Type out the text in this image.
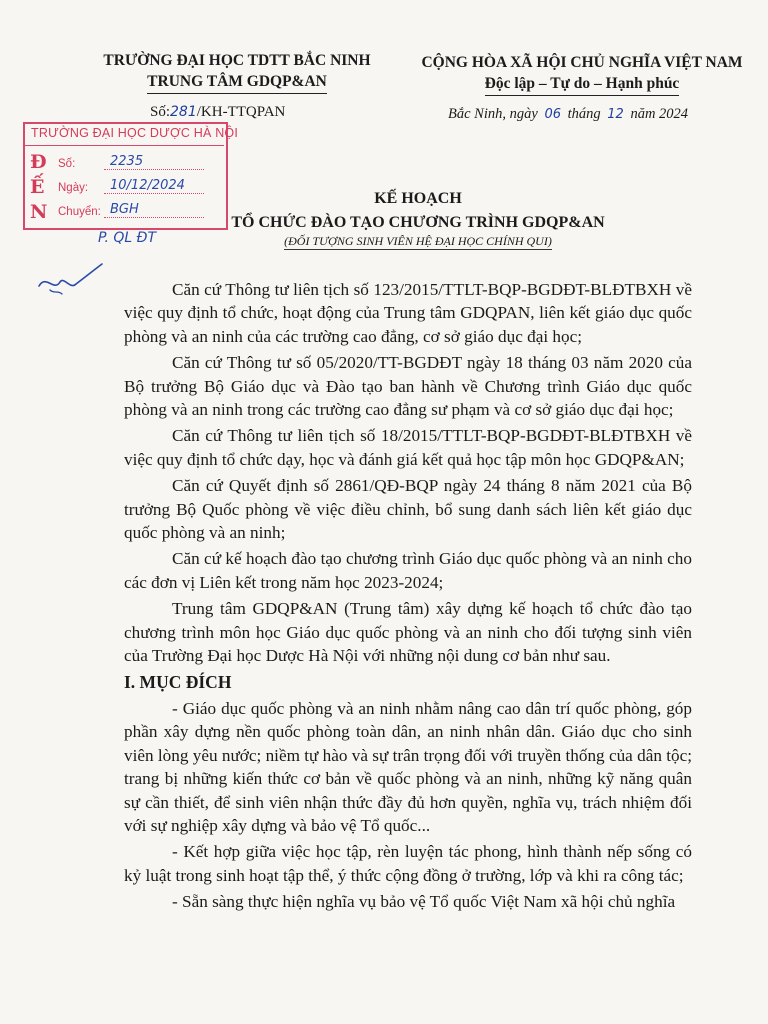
TRƯỜNG ĐẠI HỌC TDTT BẮC NINH
TRUNG TÂM GDQP&AN
CỘNG HÒA XÃ HỘI CHỦ NGHĨA VIỆT NAM
Độc lập – Tự do – Hạnh phúc
Số:281/KH-TTQPAN	Bắc Ninh, ngày 06 tháng 12 năm 2024
TRƯỜNG ĐẠI HỌC DƯỢC HÀ NỘI
Đ
Ế
N
Số:	2235
Ngày: 10/12/2024
Chuyển: BGH
P. QL ĐT
KẾ HOẠCH
TỔ CHỨC ĐÀO TẠO CHƯƠNG TRÌNH GDQP&AN
(ĐỐI TƯỢNG SINH VIÊN HỆ ĐẠI HỌC CHÍNH QUI)

Căn cứ Thông tư liên tịch số 123/2015/TTLT-BQP-BGDĐT-BLĐTBXH về việc quy định tổ chức, hoạt động của Trung tâm GDQPAN, liên kết giáo dục quốc phòng và an ninh của các trường cao đẳng, cơ sở giáo dục đại học;

Căn cứ Thông tư số 05/2020/TT-BGDĐT ngày 18 tháng 03 năm 2020 của Bộ trưởng Bộ Giáo dục và Đào tạo ban hành về Chương trình Giáo dục quốc phòng và an ninh trong các trường cao đẳng sư phạm và cơ sở giáo dục đại học;

Căn cứ Thông tư liên tịch số 18/2015/TTLT-BQP-BGDĐT-BLĐTBXH về việc quy định tổ chức dạy, học và đánh giá kết quả học tập môn học GDQP&AN;

Căn cứ Quyết định số 2861/QĐ-BQP ngày 24 tháng 8 năm 2021 của Bộ trưởng Bộ Quốc phòng về việc điều chỉnh, bổ sung danh sách liên kết giáo dục quốc phòng và an ninh;

Căn cứ kế hoạch đào tạo chương trình Giáo dục quốc phòng và an ninh cho các đơn vị Liên kết trong năm học 2023-2024;

Trung tâm GDQP&AN (Trung tâm) xây dựng kế hoạch tổ chức đào tạo chương trình môn học Giáo dục quốc phòng và an ninh cho đối tượng sinh viên của Trường Đại học Dược Hà Nội với những nội dung cơ bản như sau.

I. MỤC ĐÍCH

- Giáo dục quốc phòng và an ninh nhằm nâng cao dân trí quốc phòng, góp phần xây dựng nền quốc phòng toàn dân, an ninh nhân dân. Giáo dục cho sinh viên lòng yêu nước; niềm tự hào và sự trân trọng đối với truyền thống của dân tộc; trang bị những kiến thức cơ bản về quốc phòng và an ninh, những kỹ năng quân sự cần thiết, để sinh viên nhận thức đầy đủ hơn quyền, nghĩa vụ, trách nhiệm đối với sự nghiệp xây dựng và bảo vệ Tổ quốc...

- Kết hợp giữa việc học tập, rèn luyện tác phong, hình thành nếp sống có kỷ luật trong sinh hoạt tập thể, ý thức cộng đồng ở trường, lớp và khi ra công tác;

- Sẵn sàng thực hiện nghĩa vụ bảo vệ Tổ quốc Việt Nam xã hội chủ nghĩa
